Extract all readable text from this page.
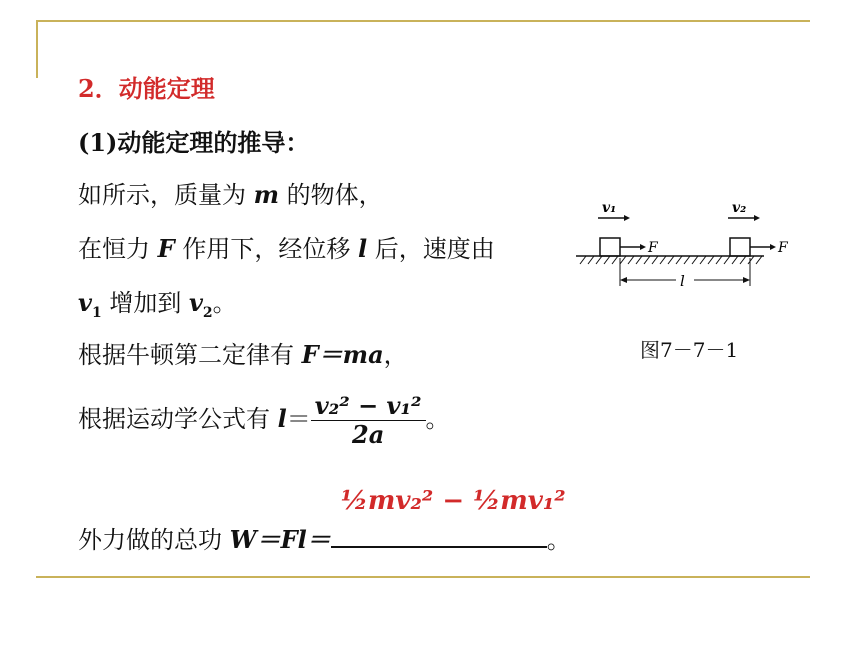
2．动能定理
(1)动能定理的推导：
如所示，质量为 m 的物体，
在恒力 F 作用下，经位移 l 后，速度由
$v_1$ 增加到 $v_2$。
根据牛顿第二定律有 F＝ma，
根据运动学公式有 $l= \frac{\text{v₂² − v₁²}}{2a}$ 。
外力做的总功 W＝Fl＝
½mv₂² − ½mv₁²
。
v₁	v₂
F	F
l
图7－7－1
